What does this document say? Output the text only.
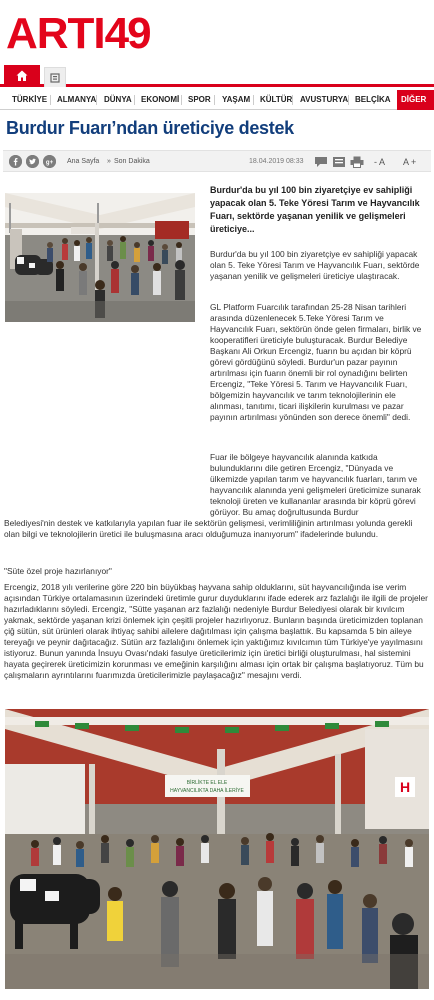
ARTI 49
TÜRKİYE ALMANYA DÜNYA EKONOMİ SPOR YAŞAM KÜLTÜR AVUSTURYA BELÇİKA	DİĞER
Burdur Fuarı’ndan üreticiye destek
g+ Ana Sayfa » Son Dakika	18.04.2019 08:33	- A A +
Burdur'da bu yıl 100 bin ziyaretçiye ev sahipliği yapacak olan 5. Teke Yöresi Tarım ve Hayvancılık Fuarı, sektörde yaşanan yenilik ve gelişmeleri üreticiye...

Burdur'da bu yıl 100 bin ziyaretçiye ev sahipliği yapacak olan 5. Teke Yöresi Tarım ve Hayvancılık Fuarı, sektörde yaşanan yenilik ve gelişmeleri üreticiye ulaştıracak.

GL Platform Fuarcılık tarafından 25-28 Nisan tarihleri arasında düzenlenecek 5.Teke Yöresi Tarım ve Hayvancılık Fuarı, sektörün önde gelen firmaları, birlik ve kooperatifleri üreticiyle buluşturacak. Burdur Belediye Başkanı Ali Orkun Ercengiz, fuarın bu açıdan bir köprü görevi gördüğünü söyledi. Burdur'un pazar payının artırılması için fuarın önemli bir rol oynadığını belirten Ercengiz, "Teke Yöresi 5. Tarım ve Hayvancılık Fuarı, bölgemizin hayvancılık ve tarım teknolojilerinin ele alınması, tanıtımı, ticari ilişkilerin kurulması ve pazar payının artırılması yönünden son derece önemli" dedi.

Fuar ile bölgeye hayvancılık alanında katkıda bulunduklarını dile getiren Ercengiz, "Dünyada ve ülkemizde yapılan tarım ve hayvancılık fuarları, tarım ve hayvancılık alanında yeni gelişmeleri üreticimize sunarak teknoloji üreten ve kullananlar arasında bir köprü görevi görüyor. Bu amaç doğrultusunda Burdur

Belediyesi'nin destek ve katkılarıyla yapılan fuar ile sektörün gelişmesi, verimliliğinin artırılması yolunda gerekli olan bilgi ve teknolojilerin üretici ile buluşmasına aracı olduğumuza inanıyorum" ifadelerinde bulundu.

"Süte özel proje hazırlanıyor"

Ercengiz, 2018 yılı verilerine göre 220 bin büyükbaş hayvana sahip olduklarını, süt hayvancılığında ise verim açısından Türkiye ortalamasının üzerindeki üretimle gurur duyduklarını ifade ederek arz fazlalığı ile ilgili de projeler hazırladıklarını söyledi. Ercengiz, "Sütte yaşanan arz fazlalığı nedeniyle Burdur Belediyesi olarak bir kıvılcım yakmak, sektörde yaşanan krizi önlemek için çeşitli projeler hazırlıyoruz. Bunların başında üreticimizden toplanan çiğ sütün, süt ürünleri olarak ihtiyaç sahibi ailelere dağıtılması için çalışma başlattık. Bu kapsamda 5 bin aileye tereyağı ve peynir dağıtacağız. Sütün arz fazlalığını önlemek için yaktığımız kıvılcımın tüm Türkiye'ye yayılmasını istiyoruz. Bunun yanında İnsuyu Ovası'ndaki fasulye üreticilerimiz için üretici birliği oluşturulması, hal sistemini hayata geçirerek üreticimizin korunması ve emeğinin karşılığını alması için ortak bir çalışma başlatıyoruz. Tüm bu çalışmaların ayrıntılarını fuarımızda üreticilerimizle paylaşacağız" mesajını verdi.

BİRLİKTE EL ELE
HAYVANCILIKTA DAHA İLERİYE	H
